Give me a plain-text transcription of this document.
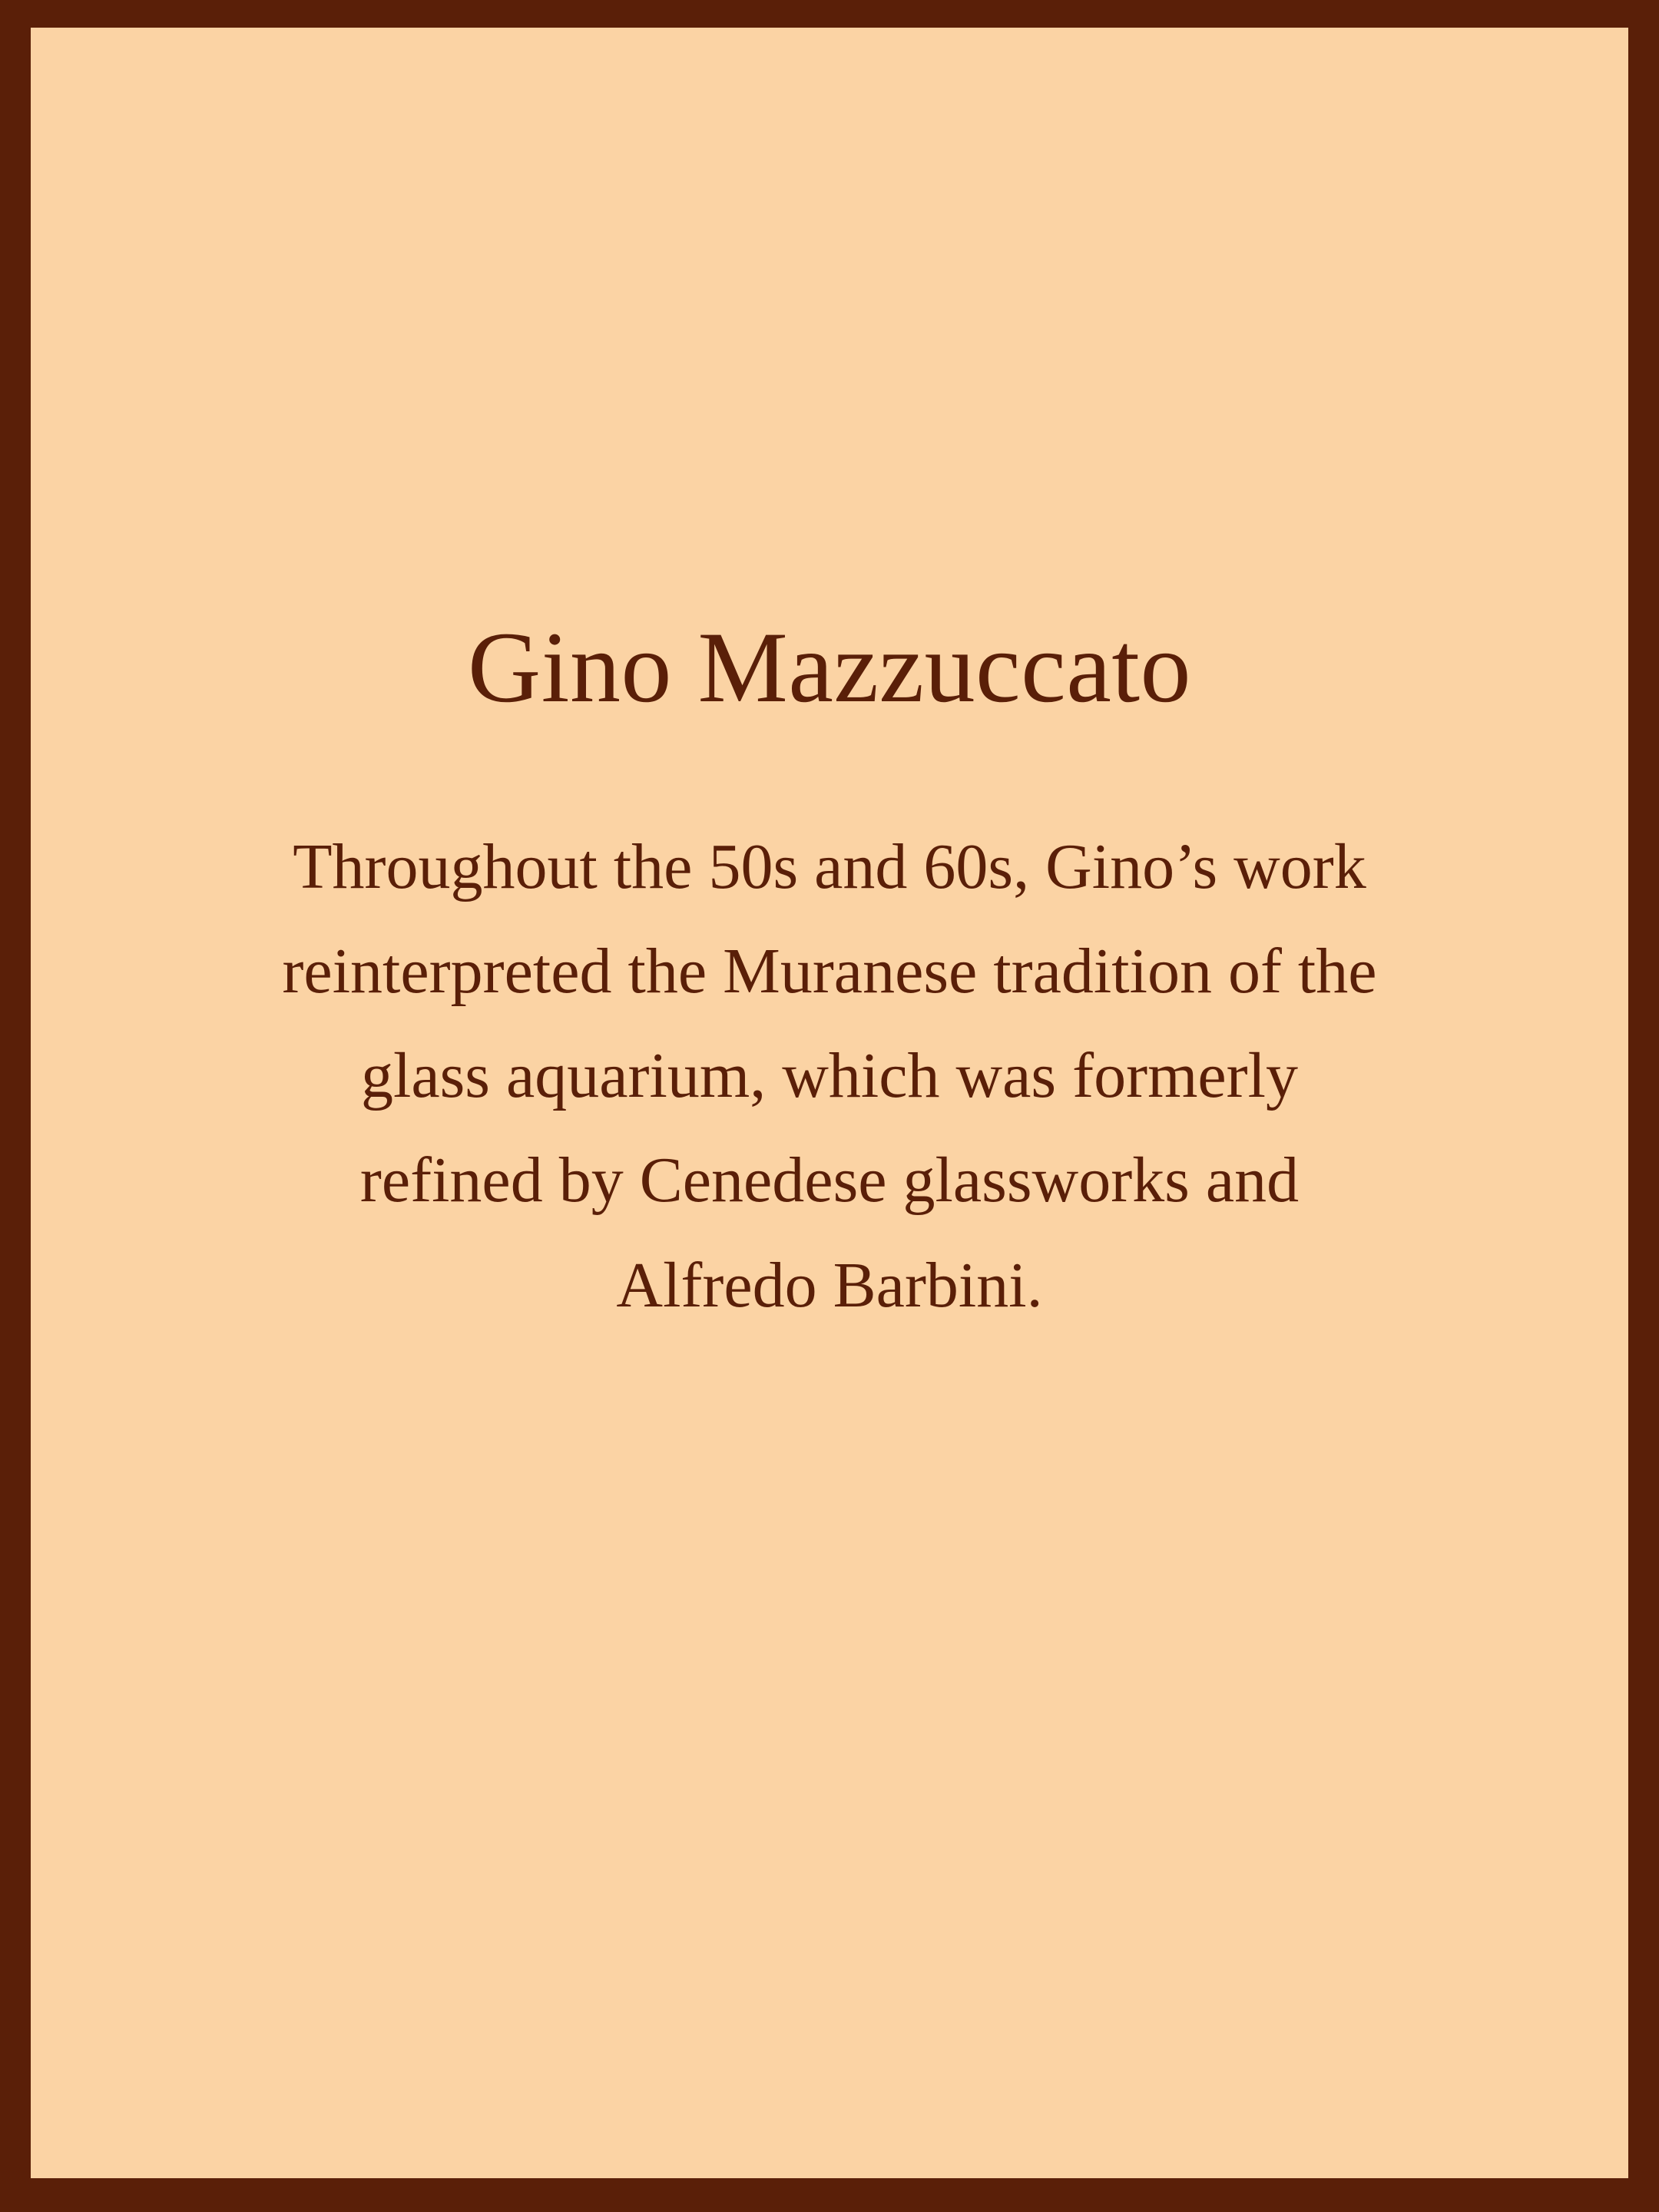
Gino Mazzuccato

Throughout the 50s and 60s, Gino’s work reinterpreted the Muranese tradition of the glass aquarium, which was formerly refined by Cenedese glassworks and Alfredo Barbini.
